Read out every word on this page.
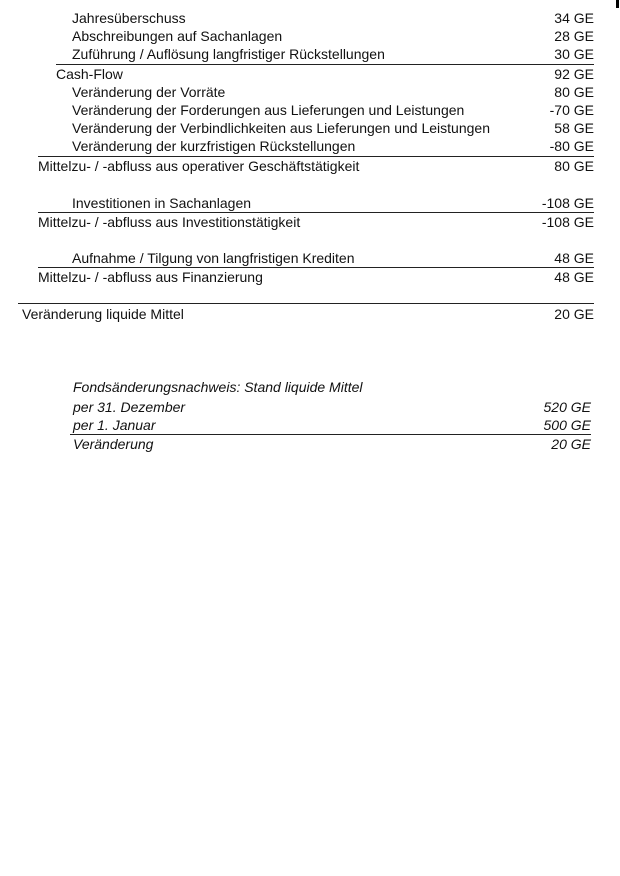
Jahresüberschuss	34 GE
Abschreibungen auf Sachanlagen	28 GE
Zuführung / Auflösung langfristiger Rückstellungen	30 GE
Cash-Flow	92 GE
Veränderung der Vorräte	80 GE
Veränderung der Forderungen aus Lieferungen und Leistungen	-70 GE
Veränderung der Verbindlichkeiten aus Lieferungen und Leistungen	58 GE
Veränderung der kurzfristigen Rückstellungen	-80 GE
Mittelzu- / -abfluss aus operativer Geschäftstätigkeit	80 GE
Investitionen in Sachanlagen	-108 GE
Mittelzu- / -abfluss aus Investitionstätigkeit	-108 GE
Aufnahme / Tilgung von langfristigen Krediten	48 GE
Mittelzu- / -abfluss aus Finanzierung	48 GE
Veränderung liquide Mittel	20 GE
Fondsänderungsnachweis: Stand liquide Mittel
per 31. Dezember	520 GE
per 1. Januar	500 GE
Veränderung	20 GE
